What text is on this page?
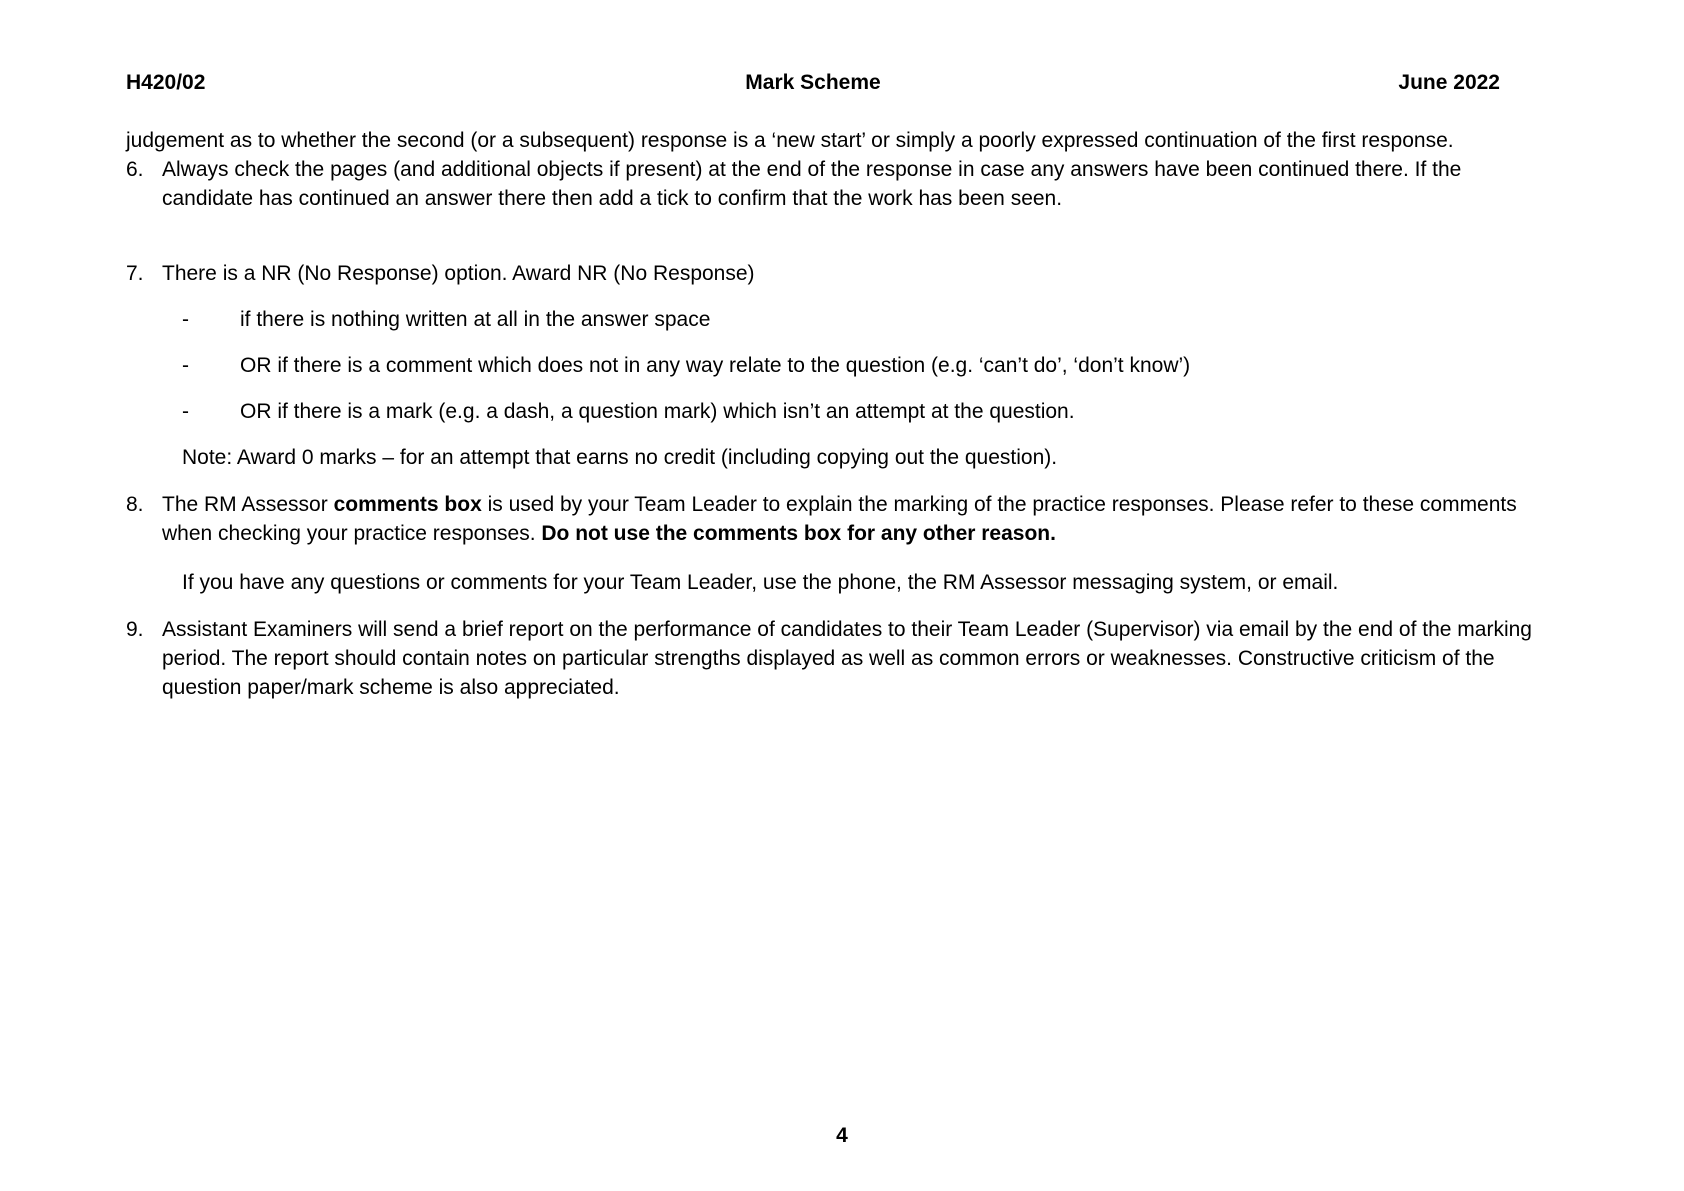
H420/02	Mark Scheme	June 2022

judgement as to whether the second (or a subsequent) response is a ‘new start’ or simply a poorly expressed continuation of the first response.

6. Always check the pages (and additional objects if present) at the end of the response in case any answers have been continued there. If the candidate has continued an answer there then add a tick to confirm that the work has been seen.

7. There is a NR (No Response) option. Award NR (No Response)

-	if there is nothing written at all in the answer space
-	OR if there is a comment which does not in any way relate to the question (e.g. ‘can’t do’, ‘don’t know’)
-	OR if there is a mark (e.g. a dash, a question mark) which isn’t an attempt at the question.

Note: Award 0 marks – for an attempt that earns no credit (including copying out the question).

8. The RM Assessor comments box is used by your Team Leader to explain the marking of the practice responses. Please refer to these comments when checking your practice responses. Do not use the comments box for any other reason.

If you have any questions or comments for your Team Leader, use the phone, the RM Assessor messaging system, or email.

9. Assistant Examiners will send a brief report on the performance of candidates to their Team Leader (Supervisor) via email by the end of the marking period. The report should contain notes on particular strengths displayed as well as common errors or weaknesses. Constructive criticism of the question paper/mark scheme is also appreciated.

4
